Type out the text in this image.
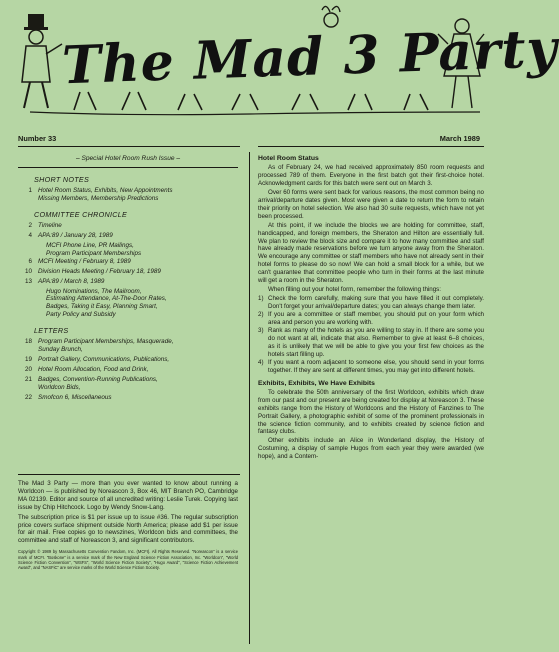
The Mad 3 Party
Number 33	March 1989
– Special Hotel Room Rush Issue –
SHORT NOTES
1 Hotel Room Status, Exhibits, New Appointments
Missing Members, Membership Predictions
COMMITTEE CHRONICLE
2 Timeline
4 APA:89 / January 28, 1989
MCFI Phone Line, PR Mailings,
Program Participant Memberships
6 MCFI Meeting / February 8, 1989
10 Division Heads Meeting / February 18, 1989
13 APA:89 / March 8, 1989
Hugo Nominations, The Mailroom,
Estimating Attendance, At-The-Door Rates,
Badges, Taking it Easy, Planning Smart,
Party Policy and Subsidy
LETTERS
18 Program Participant Memberships, Masquerade,
Sunday Brunch,
19 Portrait Gallery, Communications, Publications,
20 Hotel Room Allocation, Food and Drink,
21 Badges, Convention-Running Publications,
Worldcon Bids,
22 Smofcon 6, Miscellaneous

The Mad 3 Party — more than you ever wanted to know about running a Worldcon — is published by Noreascon 3, Box 46, MIT Branch PO, Cambridge MA 02139. Editor and source of all uncredited writing: Leslie Turek. Copying last issue by Chip Hitchcock. Logo by Wendy Snow-Lang.

The subscription price is $1 per issue up to issue #36. The regular subscription price covers surface shipment outside North America; please add $1 per issue for air mail. Free copies go to newszines, Worldcon bids and committees, the committee and staff of Noreascon 3, and significant contributors.

Copyright © 1989 by Massachusetts Convention Fandom, Inc. (MCFI). All Rights Reserved. "Noreascon" is a service mark of MCFI. "Boskone" is a service mark of the New England Science Fiction Association, Inc. "Worldcon", "World Science Fiction Convention", "WSFS", "World Science Fiction Society", "Hugo Award", "Science Fiction Achievement Award", and "NASFiC" are service marks of the World Science Fiction Society.
Hotel Room Status

As of February 24, we had received approximately 850 room requests and processed 789 of them. Everyone in the first batch got their first-choice hotel. Acknowledgment cards for this batch were sent out on March 3.

Over 60 forms were sent back for various reasons, the most common being no arrival/departure dates given. Most were given a date to return the form to retain their priority on hotel selection. We also had 30 suite requests, which have not yet been processed.

At this point, if we include the blocks we are holding for committee, staff, handicapped, and foreign members, the Sheraton and Hilton are essentially full. We plan to review the block size and compare it to how many committee and staff have already made reservations before we turn anyone away from the Sheraton. We encourage any committee or staff members who have not already sent in their hotel forms to please do so now! We can hold a small block for a while, but we can't guarantee that committee people who turn in their forms at the last minute will get a room in the Sheraton.

When filling out your hotel form, remember the following things:

1) Check the form carefully, making sure that you have filled it out completely. Don't forget your arrival/departure dates; you can always change them later.
2) If you are a committee or staff member, you should put on your form which area and person you are working with.
3) Rank as many of the hotels as you are willing to stay in. If there are some you do not want at all, indicate that also. Remember to give at least 6–8 choices, as it is unlikely that we will be able to give you your first few choices as the hotels start filling up.
4) If you want a room adjacent to someone else, you should send in your forms together. If they are sent at different times, you may get into different hotels.
Exhibits, Exhibits, We Have Exhibits

To celebrate the 50th anniversary of the first Worldcon, exhibits which draw from our past and our present are being created for display at Noreascon 3. These exhibits range from the History of Worldcons and the History of Fanzines to The Portrait Gallery, a photographic exhibit of some of the prominent professionals in the science fiction community, and to exhibits created by science fiction and fantasy clubs.

Other exhibits include an Alice in Wonderland display, the History of Costuming, a display of sample Hugos from each year they were awarded (we hope), and a Contem-
